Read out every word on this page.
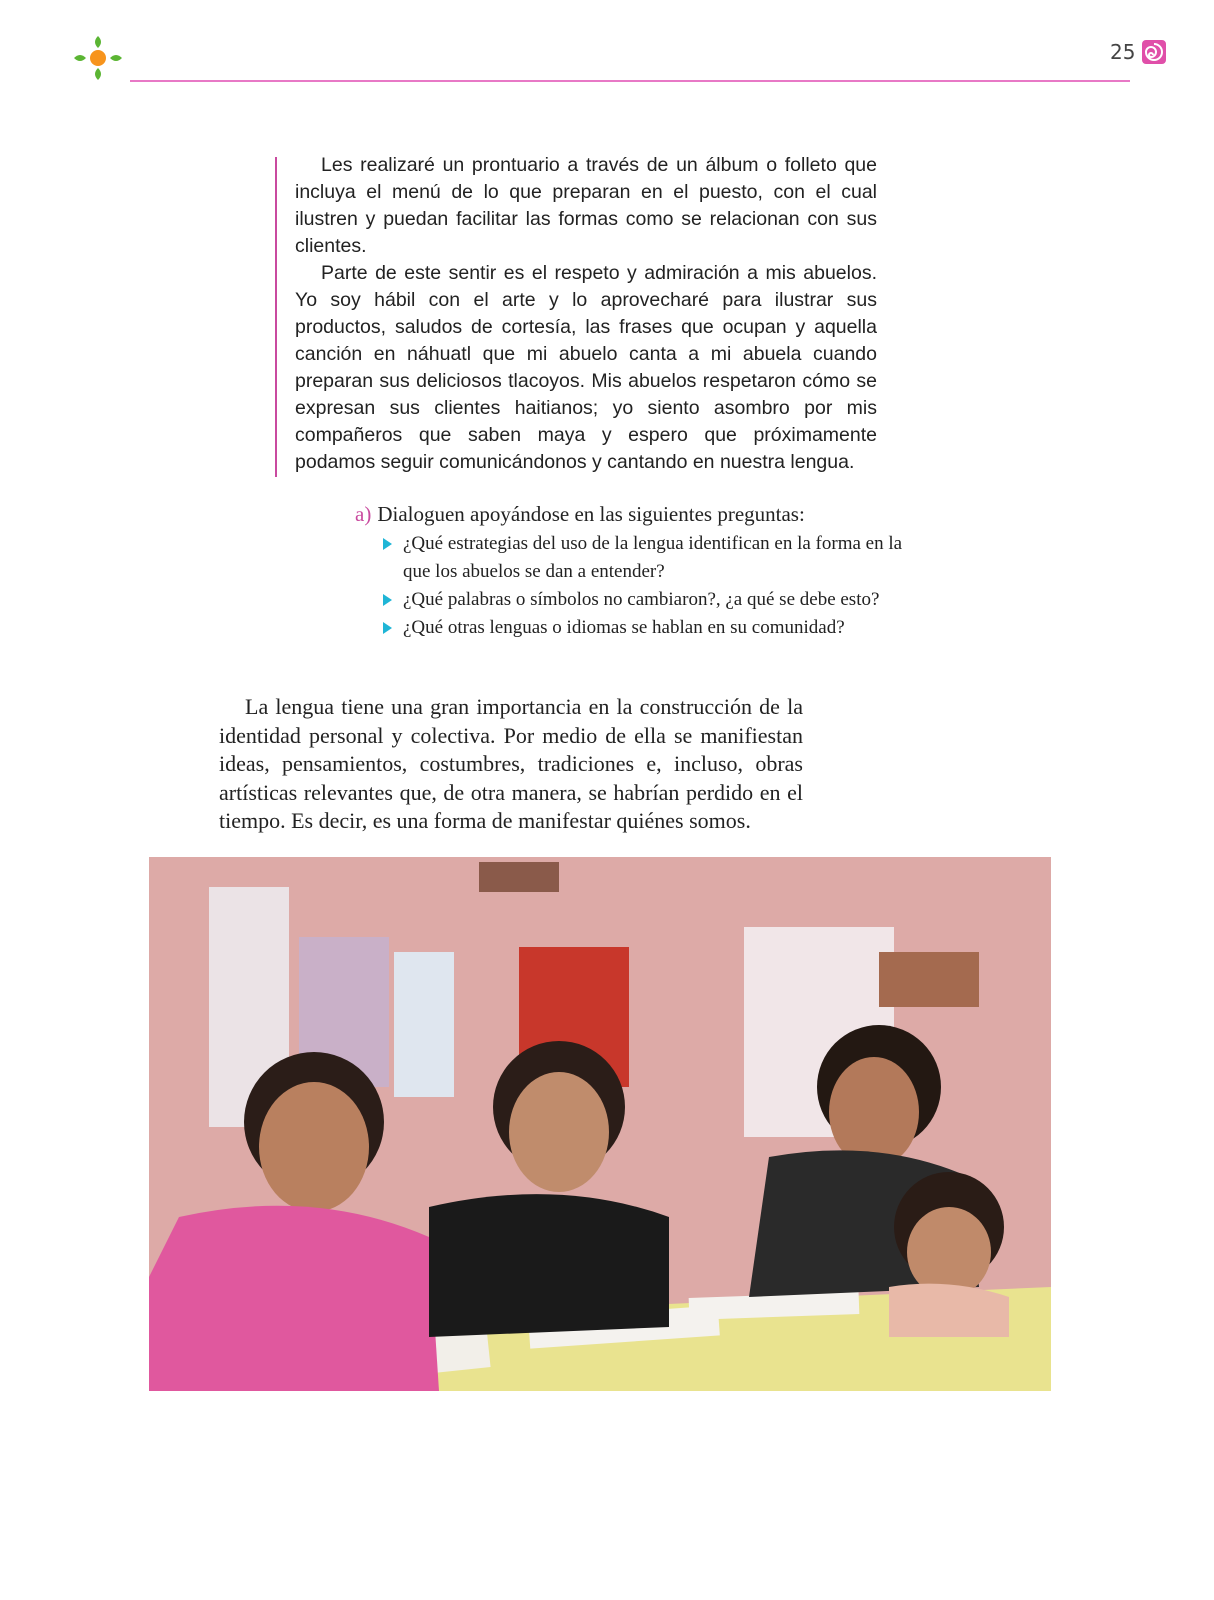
25

Les realizaré un prontuario a través de un álbum o folleto que incluya el menú de lo que preparan en el puesto, con el cual ilustren y puedan facilitar las formas como se relacionan con sus clientes.

Parte de este sentir es el respeto y admiración a mis abuelos. Yo soy hábil con el arte y lo aprovecharé para ilustrar sus productos, saludos de cortesía, las frases que ocupan y aquella canción en náhuatl que mi abuelo canta a mi abuela cuando preparan sus deliciosos tlacoyos. Mis abuelos respetaron cómo se expresan sus clientes haitianos; yo siento asombro por mis compañeros que saben maya y espero que próximamente podamos seguir comunicándonos y cantando en nuestra lengua.

a) Dialoguen apoyándose en las siguientes preguntas:

¿Qué estrategias del uso de la lengua identifican en la forma en la que los abuelos se dan a entender?
¿Qué palabras o símbolos no cambiaron?, ¿a qué se debe esto?
¿Qué otras lenguas o idiomas se hablan en su comunidad?

La lengua tiene una gran importancia en la construcción de la identidad personal y colectiva. Por medio de ella se manifiestan ideas, pensamientos, costumbres, tradiciones e, incluso, obras artísticas relevantes que, de otra manera, se habrían perdido en el tiempo. Es decir, es una forma de manifestar quiénes somos.
